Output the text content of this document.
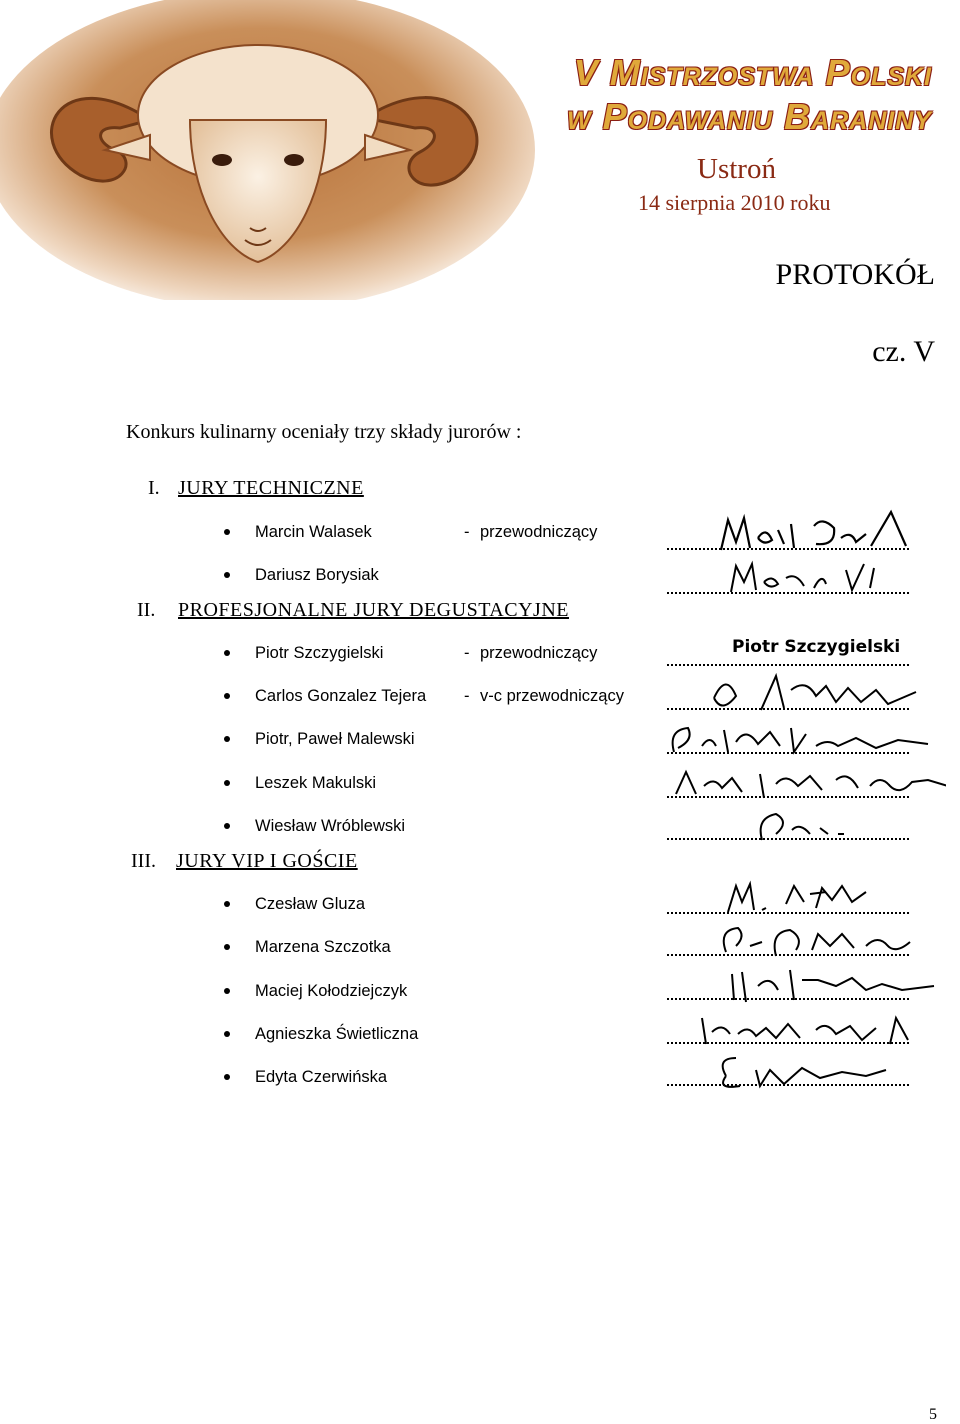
V Mistrzostwa Polski
w Podawaniu Baraniny
Ustroń
14 sierpnia 2010 roku
PROTOKÓŁ
cz. V
Konkurs kulinarny oceniały trzy składy jurorów :
I. JURY TECHNICZNE
Marcin Walasek	- przewodniczący
Dariusz Borysiak
II. PROFESJONALNE JURY DEGUSTACYJNE
Piotr Szczygielski	- przewodniczący
Carlos Gonzalez Tejera - v-c przewodniczący
Piotr, Paweł Malewski
Leszek Makulski
Wiesław Wróblewski
III. JURY VIP I GOŚCIE
Czesław Gluza
Marzena Szczotka
Maciej Kołodziejczyk
Agnieszka Świetliczna
Edyta Czerwińska
Piotr Szczygielski
5
